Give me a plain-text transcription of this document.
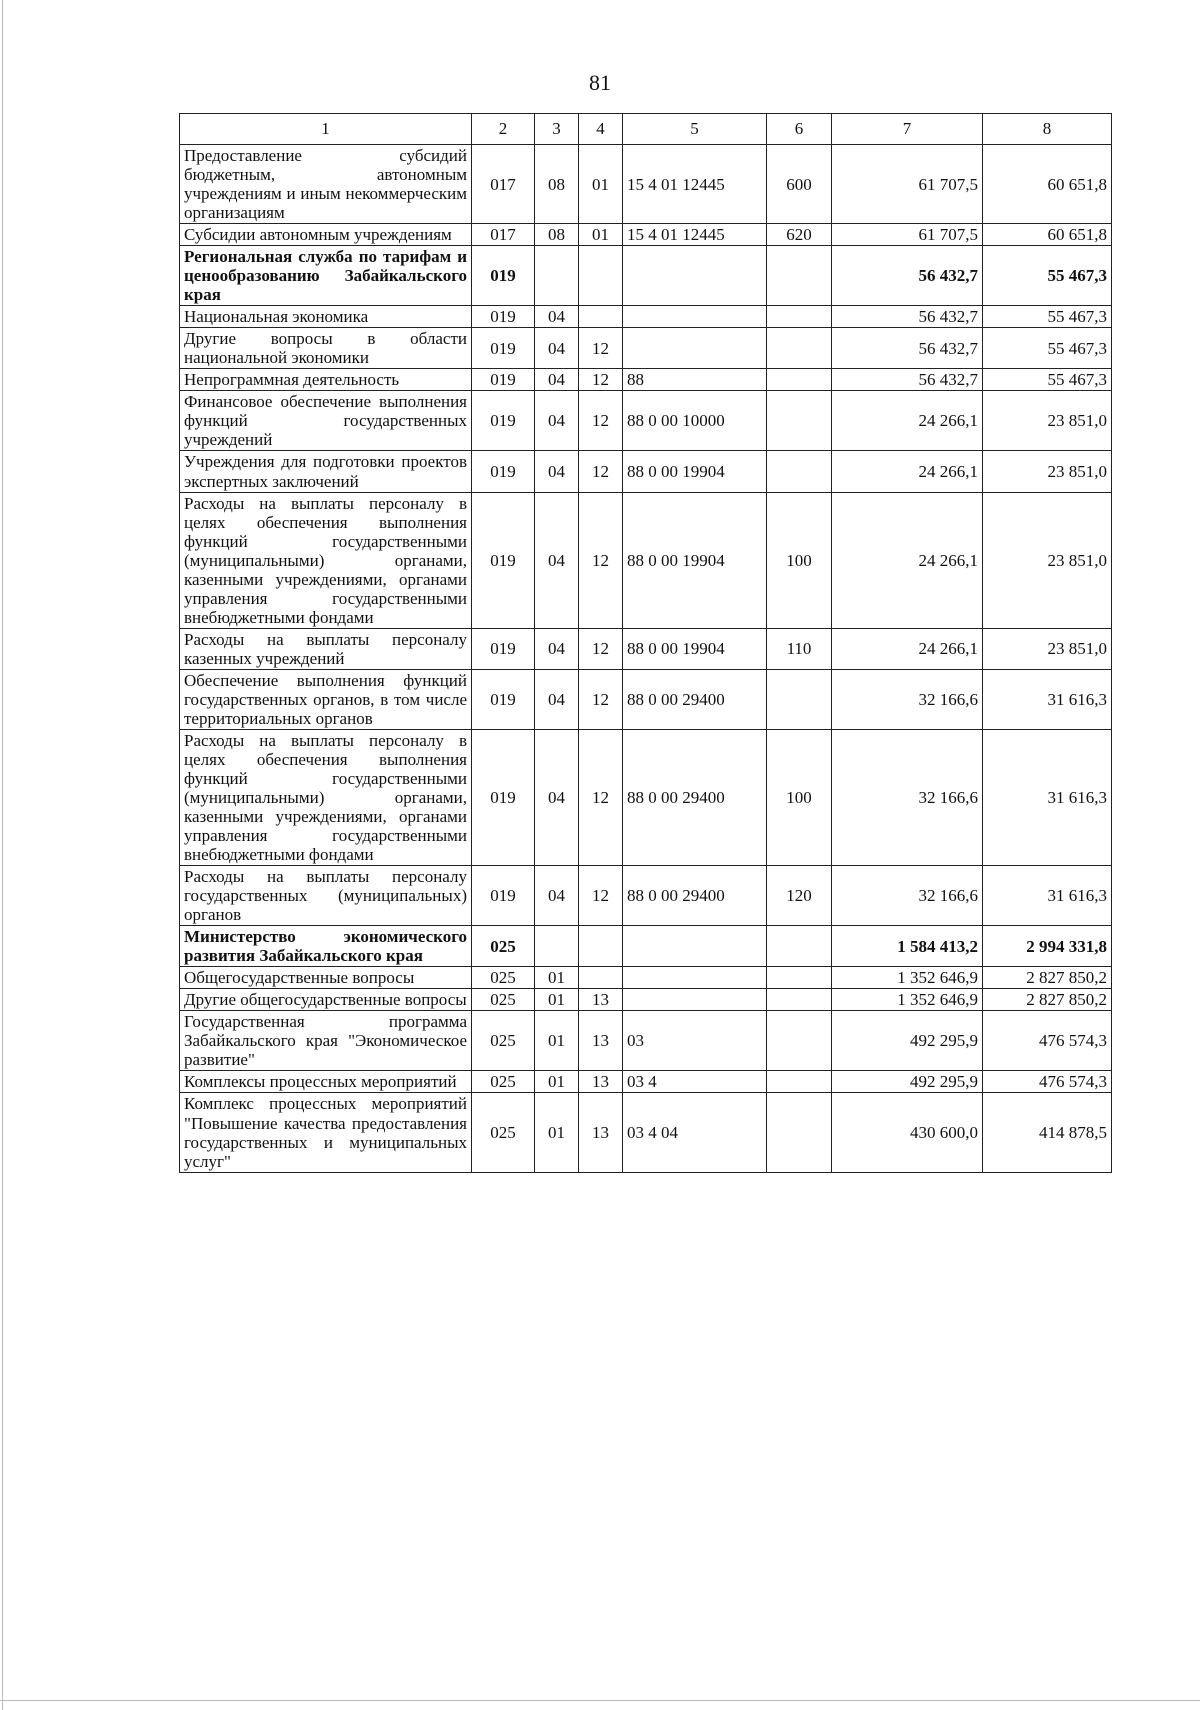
81
1	2	3	4	5	6	7	8
Предоставление субсидий бюджетным, автономным учреждениям и иным некоммерческим организациям	017	08	01	15 4 01 12445	600	61 707,5	60 651,8
Субсидии автономным учреждениям	017	08	01	15 4 01 12445	620	61 707,5	60 651,8
Региональная служба по тарифам и ценообразованию Забайкальского края	019					56 432,7	55 467,3
Национальная экономика	019	04				56 432,7	55 467,3
Другие вопросы в области национальной экономики	019	04	12			56 432,7	55 467,3
Непрограммная деятельность	019	04	12	88		56 432,7	55 467,3
Финансовое обеспечение выполнения функций государственных учреждений	019	04	12	88 0 00 10000		24 266,1	23 851,0
Учреждения для подготовки проектов экспертных заключений	019	04	12	88 0 00 19904		24 266,1	23 851,0
Расходы на выплаты персоналу в целях обеспечения выполнения функций государственными (муниципальными) органами, казенными учреждениями, органами управления государственными внебюджетными фондами	019	04	12	88 0 00 19904	100	24 266,1	23 851,0
Расходы на выплаты персоналу казенных учреждений	019	04	12	88 0 00 19904	110	24 266,1	23 851,0
Обеспечение выполнения функций государственных органов, в том числе территориальных органов	019	04	12	88 0 00 29400		32 166,6	31 616,3
Расходы на выплаты персоналу в целях обеспечения выполнения функций государственными (муниципальными) органами, казенными учреждениями, органами управления государственными внебюджетными фондами	019	04	12	88 0 00 29400	100	32 166,6	31 616,3
Расходы на выплаты персоналу государственных (муниципальных) органов	019	04	12	88 0 00 29400	120	32 166,6	31 616,3
Министерство экономического развития Забайкальского края	025					1 584 413,2	2 994 331,8
Общегосударственные вопросы	025	01				1 352 646,9	2 827 850,2
Другие общегосударственные вопросы	025	01	13			1 352 646,9	2 827 850,2
Государственная программа Забайкальского края "Экономическое развитие"	025	01	13	03		492 295,9	476 574,3
Комплексы процессных мероприятий	025	01	13	03 4		492 295,9	476 574,3
Комплекс процессных мероприятий "Повышение качества предоставления государственных и муниципальных услуг"	025	01	13	03 4 04		430 600,0	414 878,5
